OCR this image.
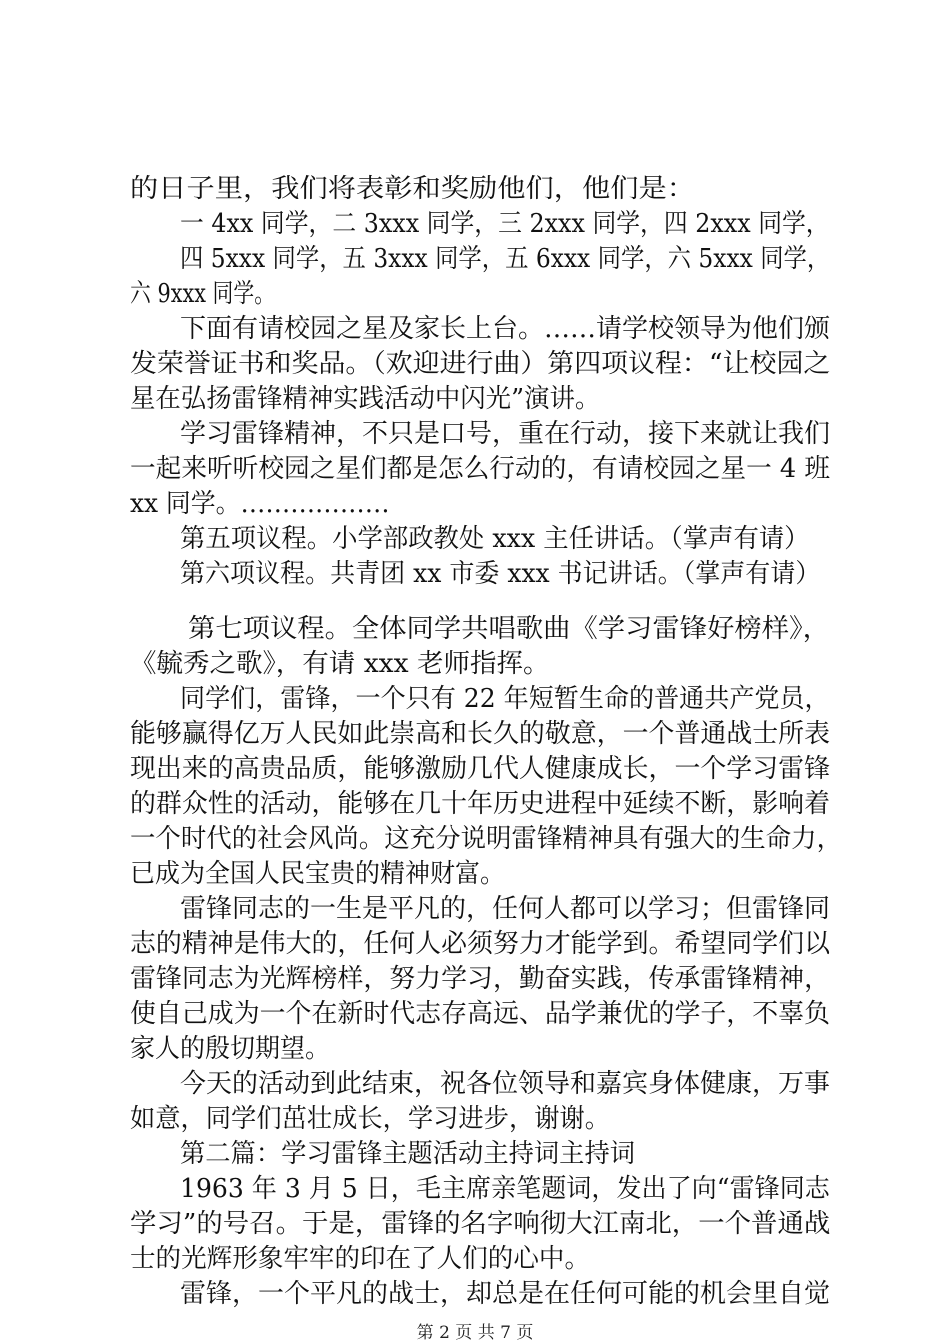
的日子里，我们将表彰和奖励他们，他们是：
一 4xx 同学，二 3xxx 同学，三 2xxx 同学，四 2xxx 同学，
四 5xxx 同学，五 3xxx 同学，五 6xxx 同学，六 5xxx 同学，
六 9xxx 同学。
下面有请校园之星及家长上台。……请学校领导为他们颁
发荣誉证书和奖品。（欢迎进行曲）第四项议程：“让校园之
星在弘扬雷锋精神实践活动中闪光”演讲。
学习雷锋精神，不只是口号，重在行动，接下来就让我们
一起来听听校园之星们都是怎么行动的，有请校园之星一 4 班
xx 同学。………………
第五项议程。小学部政教处 xxx 主任讲话。（掌声有请）
第六项议程。共青团 xx 市委 xxx 书记讲话。（掌声有请）
第七项议程。全体同学共唱歌曲《学习雷锋好榜样》，
《毓秀之歌》，有请 xxx 老师指挥。
同学们，雷锋，一个只有 22 年短暂生命的普通共产党员，
能够赢得亿万人民如此崇高和长久的敬意，一个普通战士所表
现出来的高贵品质，能够激励几代人健康成长，一个学习雷锋
的群众性的活动，能够在几十年历史进程中延续不断，影响着
一个时代的社会风尚。这充分说明雷锋精神具有强大的生命力，
已成为全国人民宝贵的精神财富。
雷锋同志的一生是平凡的，任何人都可以学习；但雷锋同
志的精神是伟大的，任何人必须努力才能学到。希望同学们以
雷锋同志为光辉榜样，努力学习，勤奋实践，传承雷锋精神，
使自己成为一个在新时代志存高远、品学兼优的学子，不辜负
家人的殷切期望。
今天的活动到此结束，祝各位领导和嘉宾身体健康，万事
如意，同学们茁壮成长，学习进步，谢谢。
第二篇：学习雷锋主题活动主持词主持词
1963 年 3 月 5 日，毛主席亲笔题词，发出了向“雷锋同志
学习”的号召。于是，雷锋的名字响彻大江南北，一个普通战
士的光辉形象牢牢的印在了人们的心中。
雷锋，一个平凡的战士，却总是在任何可能的机会里自觉
第 2 页 共 7 页
